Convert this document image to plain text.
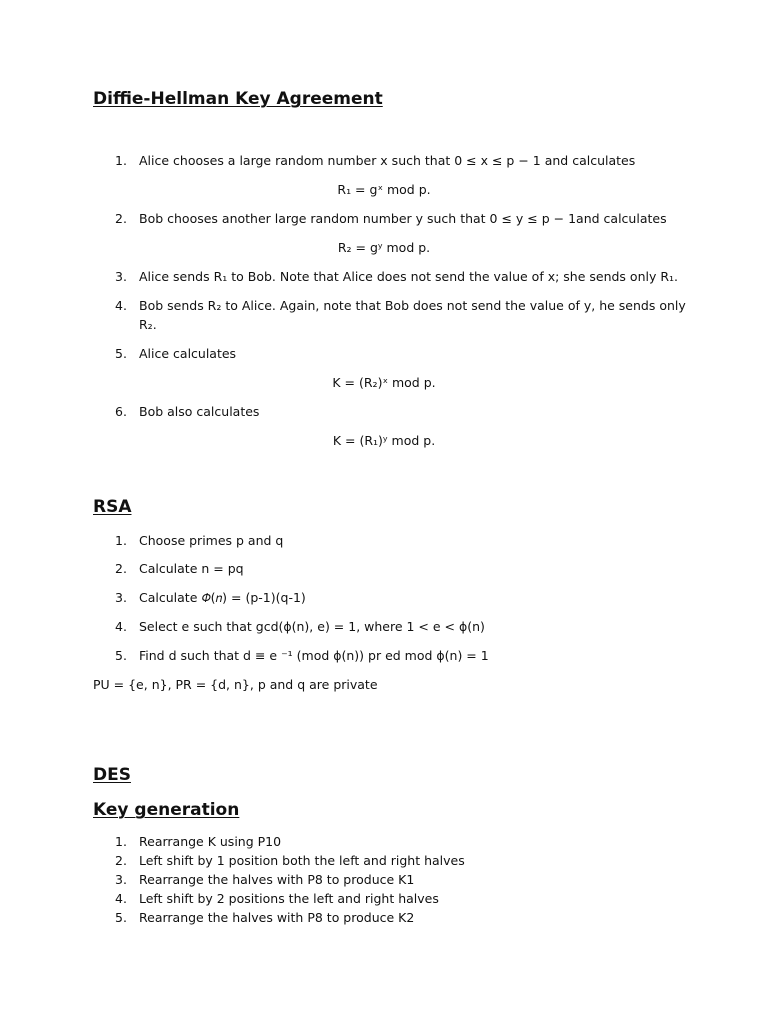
Diffie-Hellman Key Agreement
1. Alice chooses a large random number x such that 0 ≤ x ≤ p − 1 and calculates
R₁ = gˣ mod p.
2. Bob chooses another large random number y such that 0 ≤ y ≤ p − 1and calculates
R₂ = gʸ mod p.
3. Alice sends R₁ to Bob. Note that Alice does not send the value of x; she sends only R₁.
4. Bob sends R₂ to Alice. Again, note that Bob does not send the value of y, he sends only
R₂.
5. Alice calculates
K = (R₂)ˣ mod p.
6. Bob also calculates
K = (R₁)ʸ mod p.
RSA
1. Choose primes p and q
2. Calculate n = pq
3. Calculate 𝛷(𝑛) = (p-1)(q-1)
4. Select e such that gcd(ɸ(n), e) = 1, where 1 < e < ɸ(n)
5. Find d such that d ≡ e ⁻¹ (mod ɸ(n)) pr ed mod ɸ(n) = 1
PU = {e, n}, PR = {d, n}, p and q are private
DES
Key generation
1. Rearrange K using P10
2. Left shift by 1 position both the left and right halves
3. Rearrange the halves with P8 to produce K1
4. Left shift by 2 positions the left and right halves
5. Rearrange the halves with P8 to produce K2
